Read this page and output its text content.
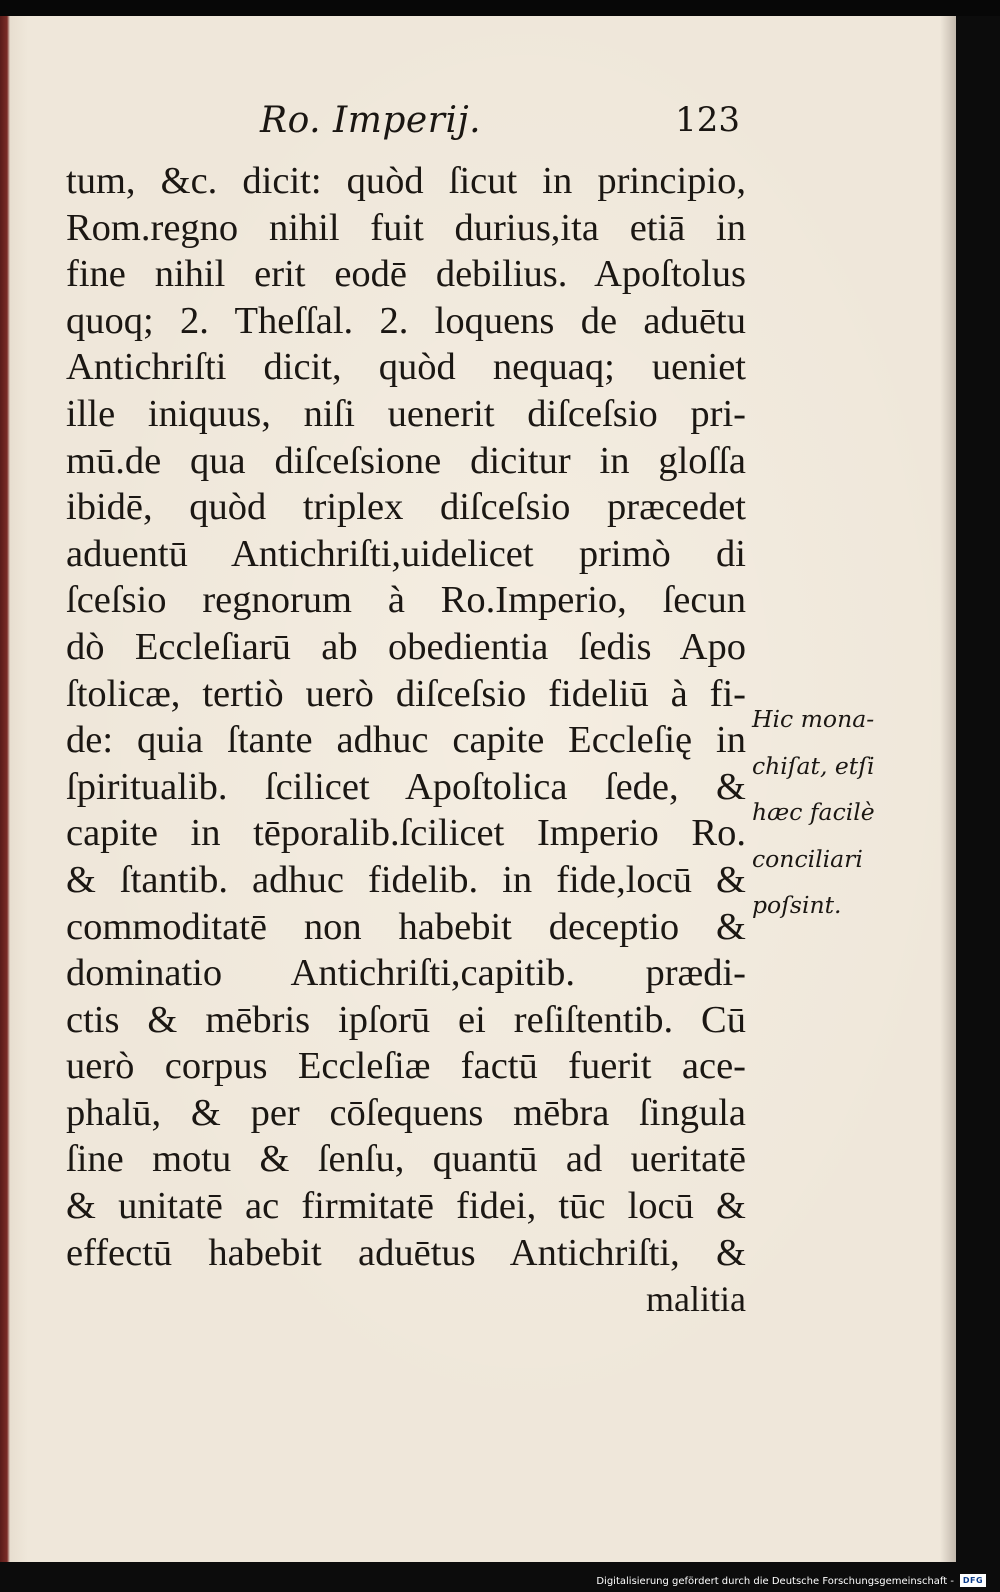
Ro. Imperij.	123
tum, &c. dicit: quòd ſicut in principio,
Rom.regno nihil fuit durius,ita etiā in
fine nihil erit eodē debilius. Apoſtolus
quoq; 2. Theſſal. 2. loquens de aduētu
Antichriſti dicit, quòd nequaq; ueniet
ille iniquus, niſi uenerit diſceſsio pri-
mū.de qua diſceſsione dicitur in gloſſa
ibidē, quòd triplex diſceſsio præcedet
aduentū Antichriſti,uidelicet primò di
ſceſsio regnorum à Ro.Imperio, ſecun
dò Eccleſiarū ab obedientia ſedis Apo
ſtolicæ, tertiò uerò diſceſsio fideliū à fi-
de: quia ſtante adhuc capite Eccleſię in
ſpiritualib. ſcilicet Apoſtolica ſede, &
capite in tēporalib.ſcilicet Imperio Ro.
& ſtantib. adhuc fidelib. in fide,locū &
commoditatē non habebit deceptio &
dominatio Antichriſti,capitib. prædi-
ctis & mēbris ipſorū ei reſiſtentib. Cū
uerò corpus Eccleſiæ factū fuerit ace-
phalū, & per cōſequens mēbra ſingula
ſine motu & ſenſu, quantū ad ueritatē
& unitatē ac firmitatē fidei, tūc locū &
effectū habebit aduētus Antichriſti, &
malitia
Hic mona-
chiſat, etſi
hæc facilè
conciliari
poſsint.
Digitalisierung gefördert durch die Deutsche Forschungsgemeinschaft -	DFG
